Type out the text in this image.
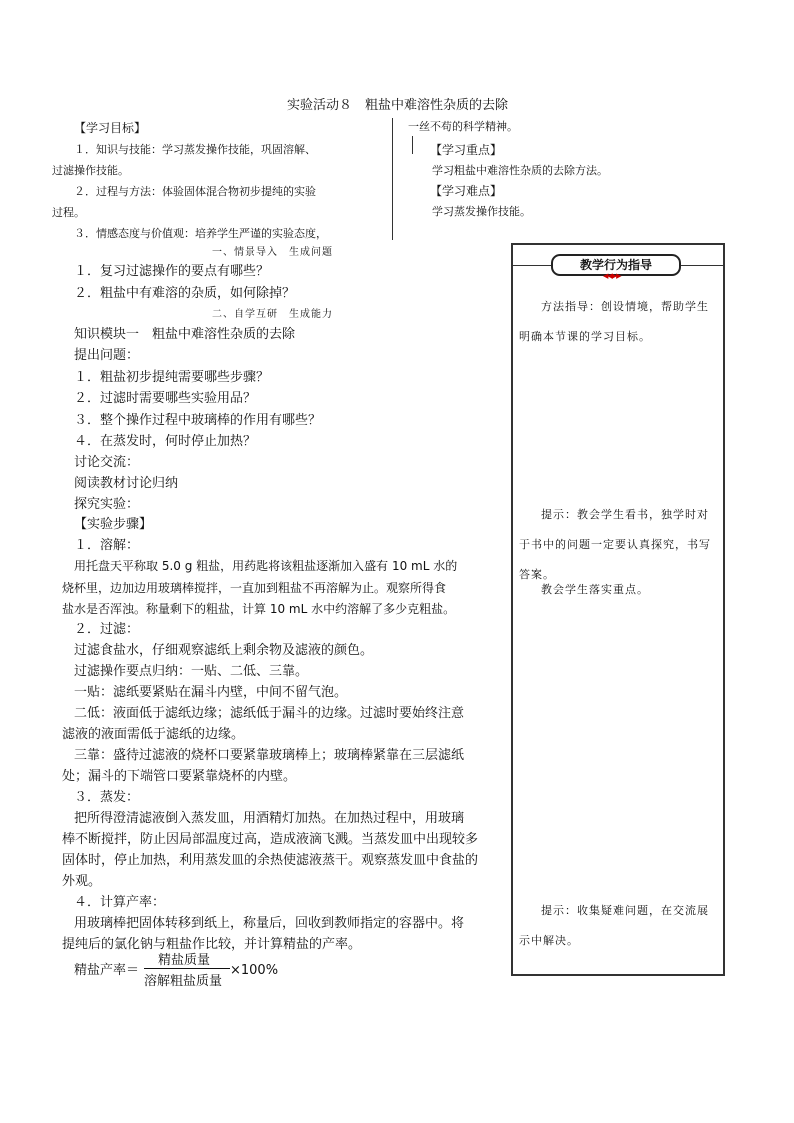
实验活动８　粗盐中难溶性杂质的去除
【学习目标】
１．知识与技能：学习蒸发操作技能，巩固溶解、
过滤操作技能。
２．过程与方法：体验固体混合物初步提纯的实验
过程。
３．情感态度与价值观：培养学生严谨的实验态度，
一丝不苟的科学精神。
【学习重点】
学习粗盐中难溶性杂质的去除方法。
【学习难点】
学习蒸发操作技能。
一、情景导入　生成问题
１．复习过滤操作的要点有哪些？
２．粗盐中有难溶的杂质，如何除掉？
二、自学互研　生成能力
知识模块一　粗盐中难溶性杂质的去除
提出问题：
１．粗盐初步提纯需要哪些步骤？
２．过滤时需要哪些实验用品？
３．整个操作过程中玻璃棒的作用有哪些？
４．在蒸发时，何时停止加热？
讨论交流：
阅读教材讨论归纳
探究实验：
【实验步骤】
１．溶解：
用托盘天平称取 5.0 g 粗盐，用药匙将该粗盐逐渐加入盛有 10 mL 水的
烧杯里，边加边用玻璃棒搅拌，一直加到粗盐不再溶解为止。观察所得食
盐水是否浑浊。称量剩下的粗盐，计算 10 mL 水中约溶解了多少克粗盐。
２．过滤：
过滤食盐水，仔细观察滤纸上剩余物及滤液的颜色。
过滤操作要点归纳：一贴、二低、三靠。
一贴：滤纸要紧贴在漏斗内壁，中间不留气泡。
二低：液面低于滤纸边缘；滤纸低于漏斗的边缘。过滤时要始终注意
滤液的液面需低于滤纸的边缘。
三靠：盛待过滤液的烧杯口要紧靠玻璃棒上；玻璃棒紧靠在三层滤纸
处；漏斗的下端管口要紧靠烧杯的内壁。
３．蒸发：
把所得澄清滤液倒入蒸发皿，用酒精灯加热。在加热过程中，用玻璃
棒不断搅拌，防止因局部温度过高，造成液滴飞溅。当蒸发皿中出现较多
固体时，停止加热，利用蒸发皿的余热使滤液蒸干。观察蒸发皿中食盐的
外观。
４．计算产率：
用玻璃棒把固体转移到纸上，称量后，回收到教师指定的容器中。将
提纯后的氯化钠与粗盐作比较，并计算精盐的产率。
精盐产率＝
精盐质量
溶解粗盐质量
×100%
教学行为指导
◀◀▶▶
方法指导：创设情境，帮助学生明确本节课的学习目标。
提示：教会学生看书，独学时对于书中的问题一定要认真探究，书写答案。
教会学生落实重点。
提示：收集疑难问题，在交流展示中解决。
